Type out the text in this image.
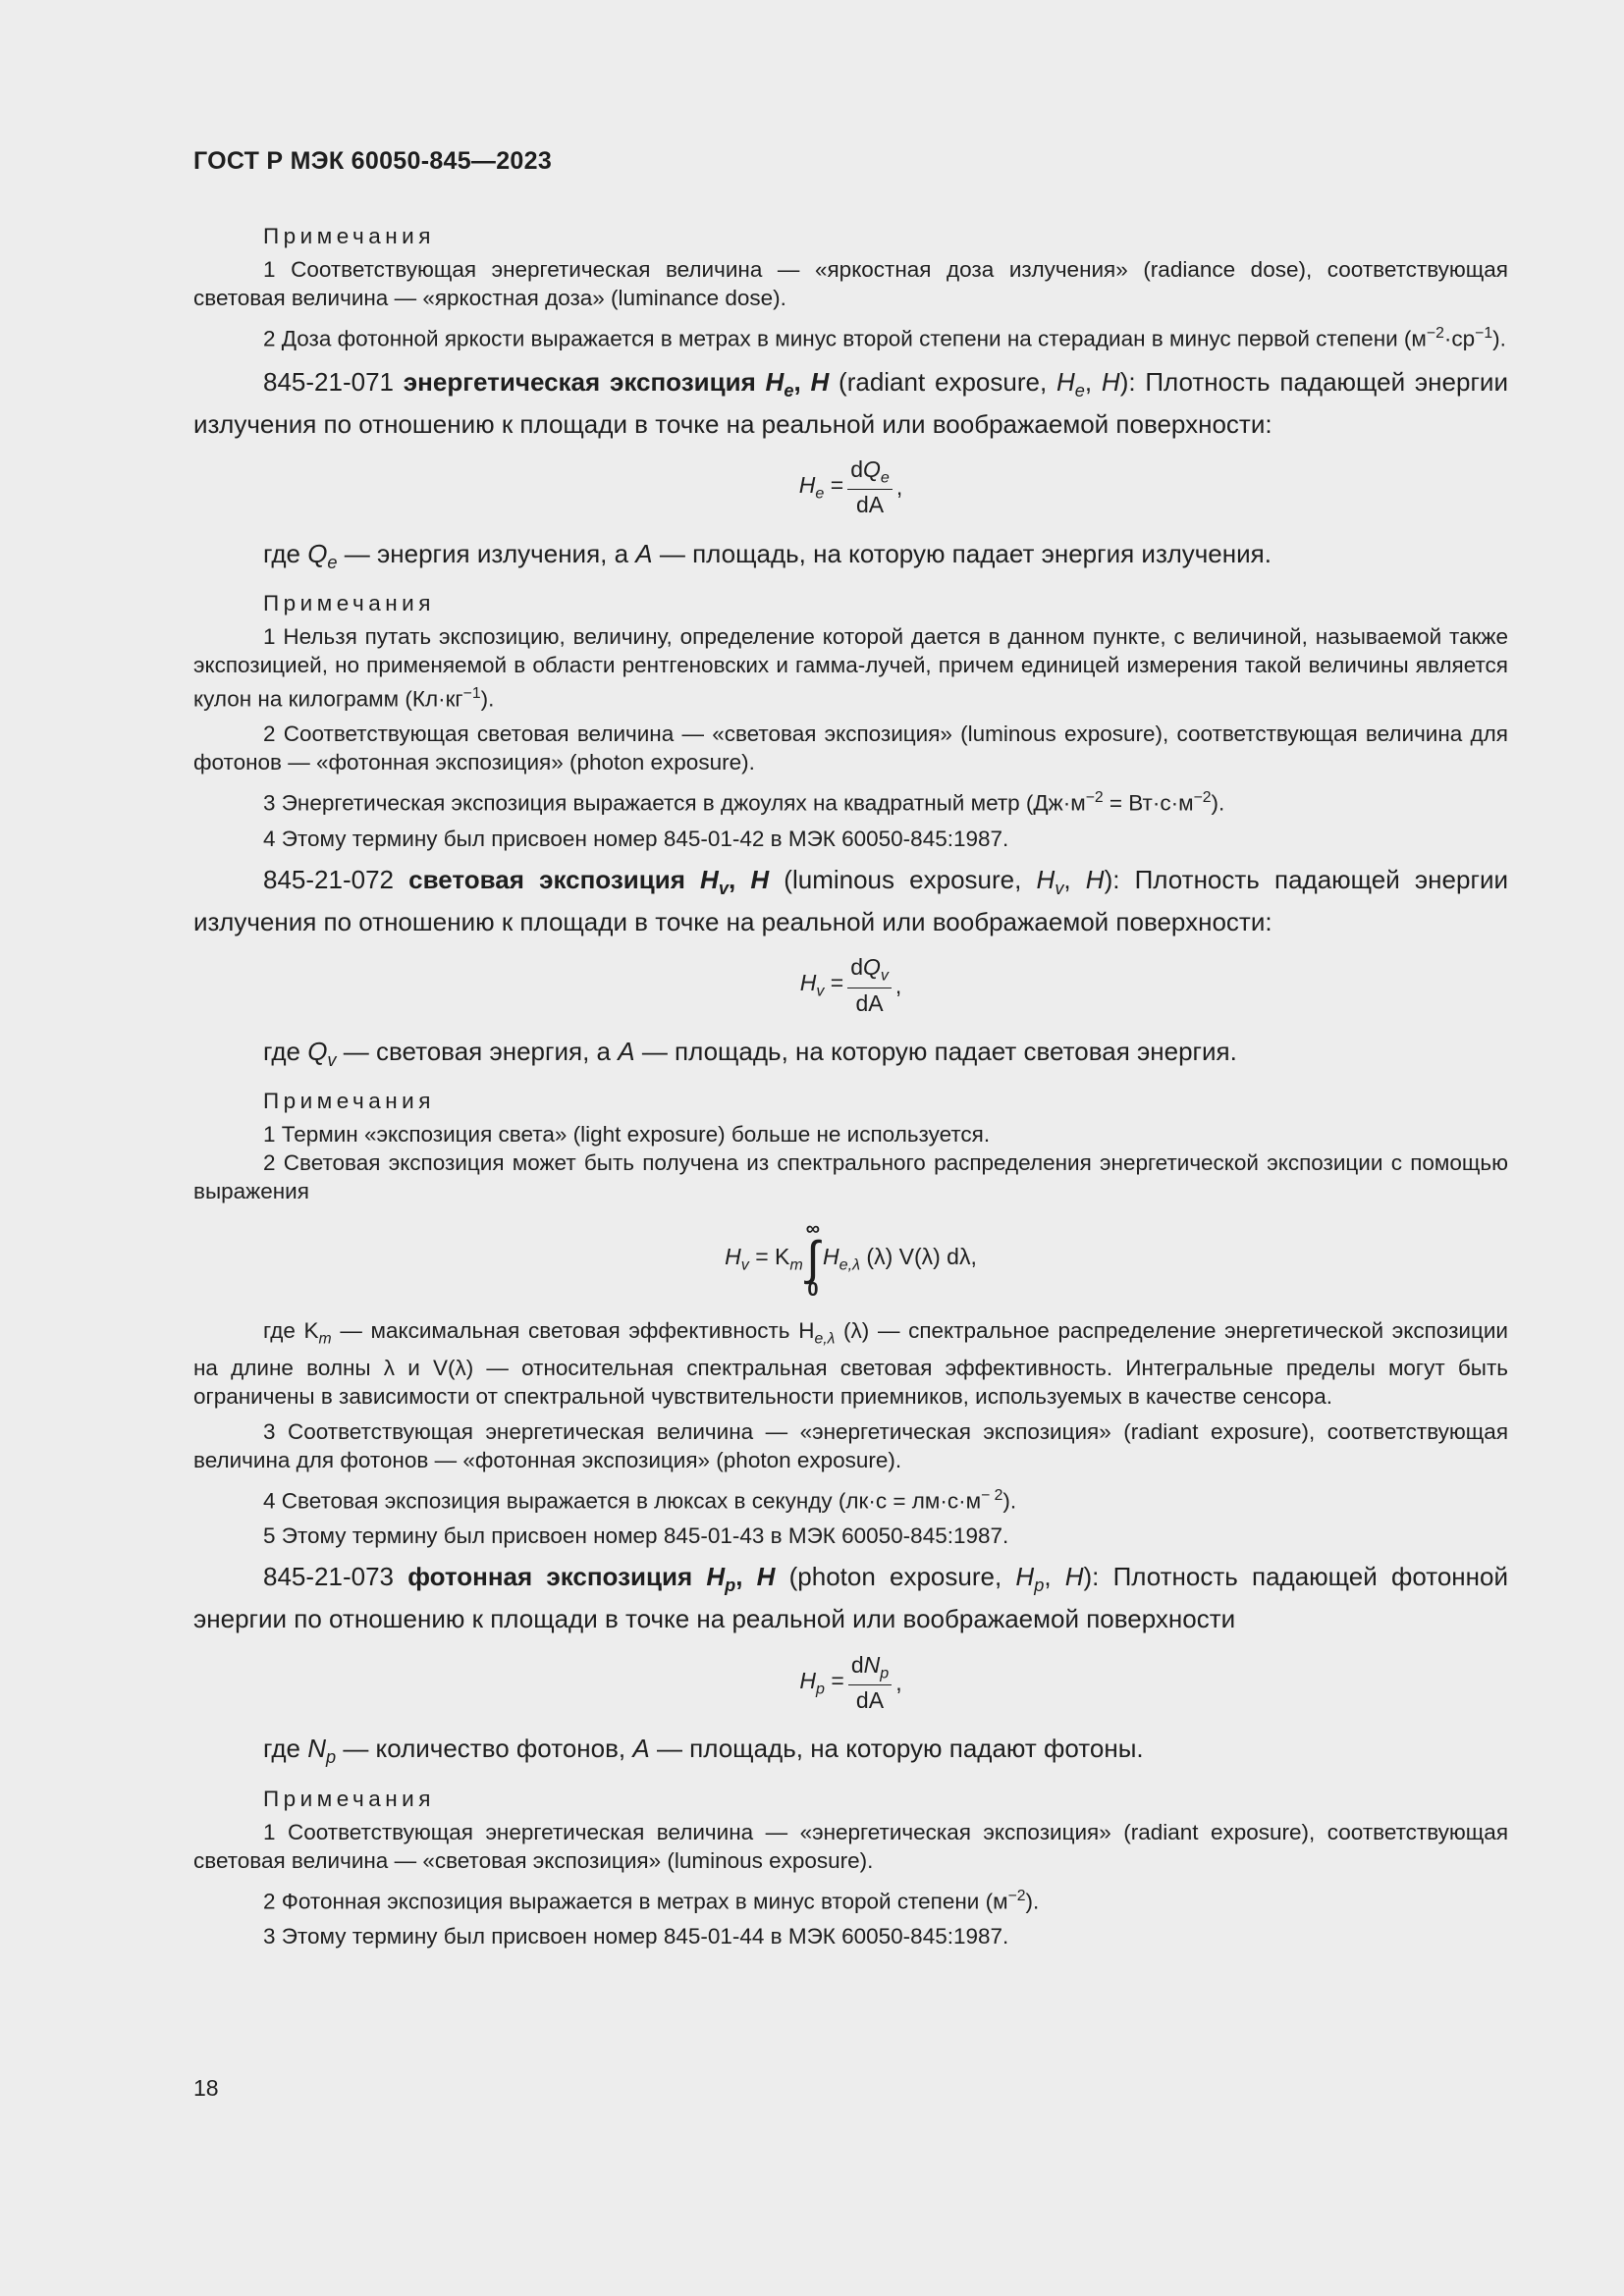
ГОСТ Р МЭК 60050-845—2023
Примечания

1 Соответствующая энергетическая величина — «яркостная доза излучения» (radiance dose), соответствующая световая величина — «яркостная доза» (luminance dose).

2 Доза фотонной яркости выражается в метрах в минус второй степени на стерадиан в минус первой степени $(м^{-2}\cdot ср^{-1})$.

845-21-071 энергетическая экспозиция $H_e$, H (radiant exposure, $H_e$, H): Плотность падающей энергии излучения по отношению к площади в точке на реальной или воображаемой поверхности:

$H_e = \frac{dQ_e}{dA}$ ,

где $Q_e$ — энергия излучения, а A — площадь, на которую падает энергия излучения.

Примечания

1 Нельзя путать экспозицию, величину, определение которой дается в данном пункте, с величиной, называемой также экспозицией, но применяемой в области рентгеновских и гамма-лучей, причем единицей измерения такой величины является кулон на килограмм $(Кл\cdot кг^{-1})$.

2 Соответствующая световая величина — «световая экспозиция» (luminous exposure), соответствующая величина для фотонов — «фотонная экспозиция» (photon exposure).

3 Энергетическая экспозиция выражается в джоулях на квадратный метр $(Дж\cdot м^{-2} = Вт\cdot с\cdot м^{-2})$.

4 Этому термину был присвоен номер 845-01-42 в МЭК 60050-845:1987.

845-21-072 световая экспозиция $H_v$, H (luminous exposure, $H_v$, H): Плотность падающей энергии излучения по отношению к площади в точке на реальной или воображаемой поверхности:

$H_v = \frac{dQ_v}{dA}$ ,

где $Q_v$ — световая энергия, а A — площадь, на которую падает световая энергия.

Примечания

1 Термин «экспозиция света» (light exposure) больше не используется.

2 Световая экспозиция может быть получена из спектрального распределения энергетической экспозиции с помощью выражения

$H_v = K_m$
∞
∫
0
$H_{e,\lambda}$ (λ) V(λ) dλ,

где $K_m$ — максимальная световая эффективность $H_{e,\lambda}$ (λ) — спектральное распределение энергетической экспозиции на длине волны λ и V(λ) — относительная спектральная световая эффективность. Интегральные пределы могут быть ограничены в зависимости от спектральной чувствительности приемников, используемых в качестве сенсора.

3 Соответствующая энергетическая величина — «энергетическая экспозиция» (radiant exposure), соответствующая величина для фотонов — «фотонная экспозиция» (photon exposure).

4 Световая экспозиция выражается в люксах в секунду $(лк\cdot с = лм\cdot с\cdot м^{- 2})$.

5 Этому термину был присвоен номер 845-01-43 в МЭК 60050-845:1987.

845-21-073 фотонная экспозиция $H_p$, H (photon exposure, $H_p$, H): Плотность падающей фотонной энергии по отношению к площади в точке на реальной или воображаемой поверхности

$H_p = \frac{dN_p}{dA}$ ,

где $N_p$ — количество фотонов, A — площадь, на которую падают фотоны.

Примечания

1 Соответствующая энергетическая величина — «энергетическая экспозиция» (radiant exposure), соответствующая световая величина — «световая экспозиция» (luminous exposure).

2 Фотонная экспозиция выражается в метрах в минус второй степени $(м^{-2})$.

3 Этому термину был присвоен номер 845-01-44 в МЭК 60050-845:1987.

18
